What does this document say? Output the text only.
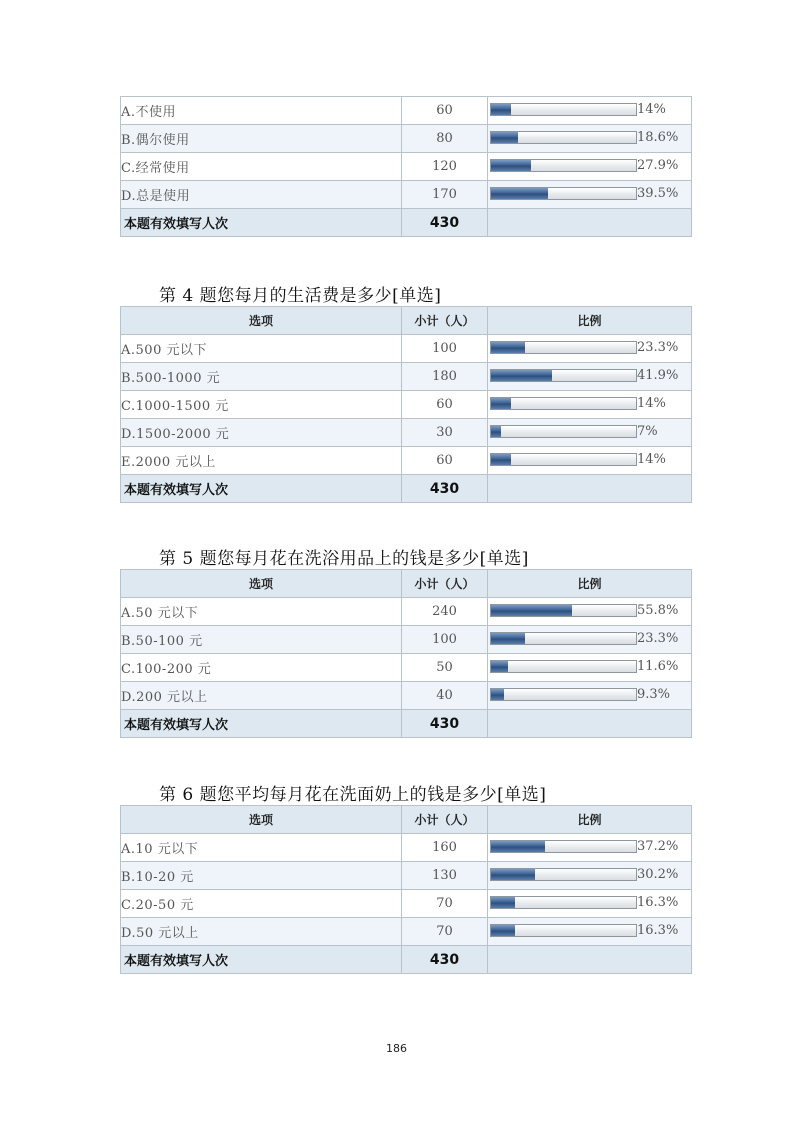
A.不使用	60	14%

B.偶尔使用	80	18.6%

C.经常使用	120	27.9%

D.总是使用	170	39.5%

本题有效填写人次	430	
第 4 题您每月的生活费是多少[单选]
选项	小计（人）	比例
A.500 元以下	100	23.3%

B.500-1000 元	180	41.9%

C.1000-1500 元	60	14%

D.1500-2000 元	30	7%

E.2000 元以上	60	14%

本题有效填写人次	430	
第 5 题您每月花在洗浴用品上的钱是多少[单选]
选项	小计（人）	比例
A.50 元以下	240	55.8%

B.50-100 元	100	23.3%

C.100-200 元	50	11.6%

D.200 元以上	40	9.3%

本题有效填写人次	430	
第 6 题您平均每月花在洗面奶上的钱是多少[单选]
选项	小计（人）	比例
A.10 元以下	160	37.2%

B.10-20 元	130	30.2%

C.20-50 元	70	16.3%

D.50 元以上	70	16.3%

本题有效填写人次	430	
186
